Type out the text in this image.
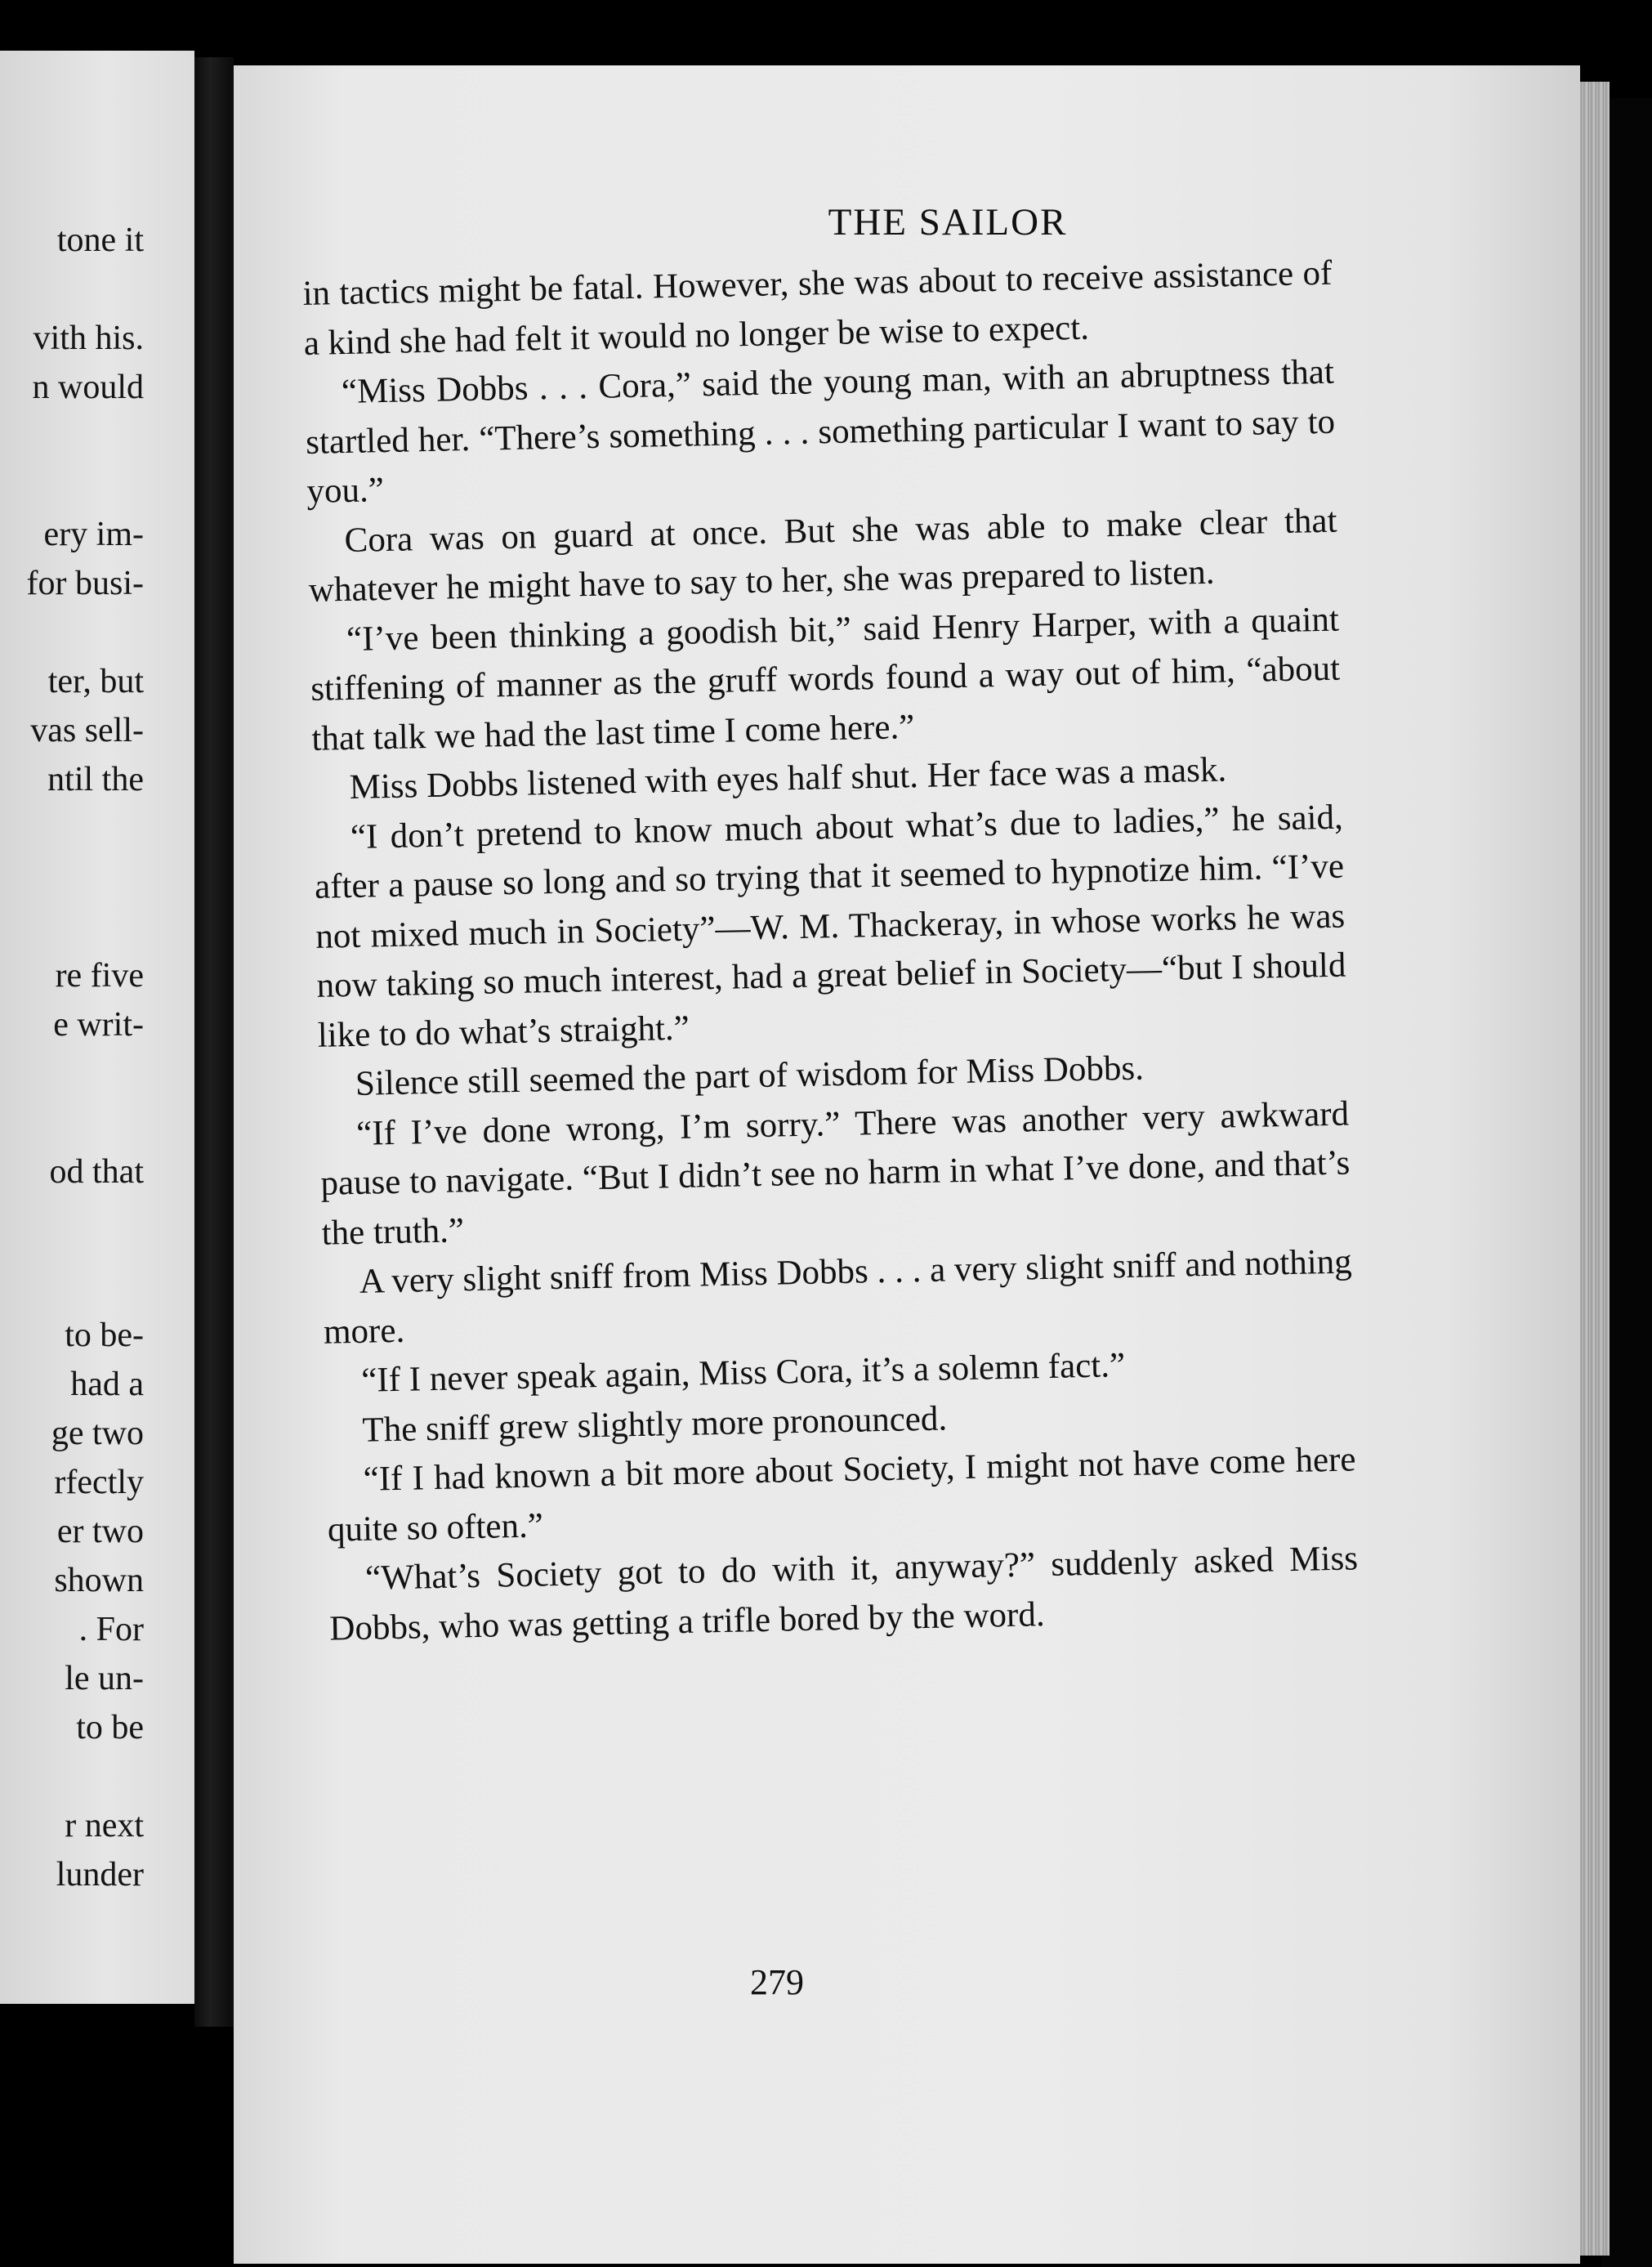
tone it
vith his.
n would
ery im-
for busi-
ter, but
vas sell-
ntil the
re five
e writ-
od that
to be-
had a
ge two
rfectly
er two
shown
. For
le un-
to be
r next
lunder
THE SAILOR

in tactics might be fatal. However, she was about to receive assistance of a kind she had felt it would no longer be wise to expect.

“Miss Dobbs . . . Cora,” said the young man, with an abruptness that startled her. “There’s something . . . something particular I want to say to you.”

Cora was on guard at once. But she was able to make clear that whatever he might have to say to her, she was prepared to listen.

“I’ve been thinking a goodish bit,” said Henry Harper, with a quaint stiffening of manner as the gruff words found a way out of him, “about that talk we had the last time I come here.”

Miss Dobbs listened with eyes half shut. Her face was a mask.

“I don’t pretend to know much about what’s due to ladies,” he said, after a pause so long and so trying that it seemed to hypnotize him. “I’ve not mixed much in Society”—W. M. Thackeray, in whose works he was now taking so much interest, had a great belief in Society—“but I should like to do what’s straight.”

Silence still seemed the part of wisdom for Miss Dobbs.

“If I’ve done wrong, I’m sorry.” There was another very awkward pause to navigate. “But I didn’t see no harm in what I’ve done, and that’s the truth.”

A very slight sniff from Miss Dobbs . . . a very slight sniff and nothing more.

“If I never speak again, Miss Cora, it’s a solemn fact.”

The sniff grew slightly more pronounced.

“If I had known a bit more about Society, I might not have come here quite so often.”

“What’s Society got to do with it, anyway?” suddenly asked Miss Dobbs, who was getting a trifle bored by the word.

279
